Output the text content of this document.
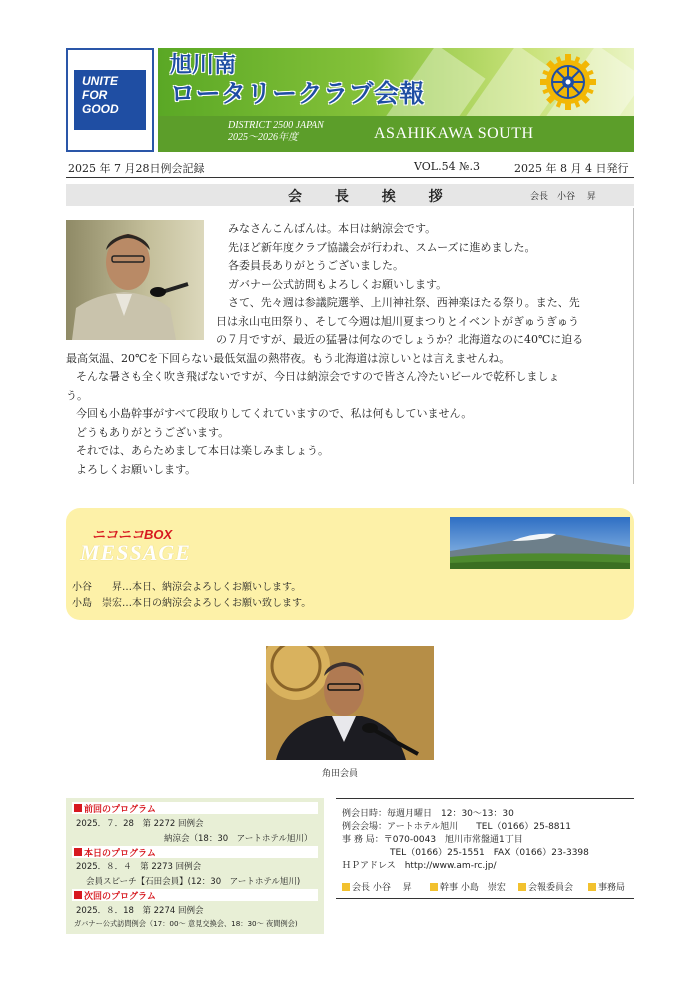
UNITE
FOR
GOOD
旭川南
ロータリークラブ会報
DISTRICT 2500 JAPAN
2025～2026年度	ASAHIKAWA SOUTH
2025 年 7 月28日例会記録	VOL.54 №.3	2025 年 8 月 4 日発行
会 長 挨 拶	会長　小谷　 昇
みなさんこんばんは。本日は納涼会です。
先ほど新年度クラブ協議会が行われ、スムーズに進めました。
各委員長ありがとうございました。
ガバナー公式訪問もよろしくお願いします。
さて、先々週は参議院選挙、上川神社祭、西神楽ほたる祭り。また、先
日は永山屯田祭り、そして今週は旭川夏まつりとイベントがぎゅうぎゅう
の７月ですが、最近の猛暑は何なのでしょうか？北海道なのに40℃に迫る
最高気温、20℃を下回らない最低気温の熱帯夜。もう北海道は涼しいとは言えませんね。
そんな暑さも全く吹き飛ばないですが、今日は納涼会ですので皆さん冷たいビールで乾杯しましょ
う。
今回も小島幹事がすべて段取りしてくれていますので、私は何もしていません。
どうもありがとうございます。
それでは、あらためまして本日は楽しみましょう。
よろしくお願いします。
MESSAGE
ニコニコBOX
小谷　　昇…本日、納涼会よろしくお願いします。
小島　崇宏…本日の納涼会よろしくお願い致します。
角田会員
前回のプログラム
2025．７．28　第 2272 回例会
納涼会（18：30　アートホテル旭川）
本日のプログラム
2025．８．４　第 2273 回例会
会員スピーチ【石田会員】(12：30　アートホテル旭川)
次回のプログラム
2025．８．18　第 2274 回例会
ガバナー公式訪問例会（17：00～ 意見交換会、18：30～ 夜間例会)
例会日時：毎週月曜日　12：30～13：30
例会会場：アートホテル旭川　　TEL（0166）25-8811
事 務 局：〒070-0043　旭川市常盤通1丁目
TEL（0166）25-1551　FAX（0166）23-3398
ＨＰアドレス　http://www.am-rc.jp/
会長 小谷　 昇	幹事 小島　崇宏	会報委員会	事務局
